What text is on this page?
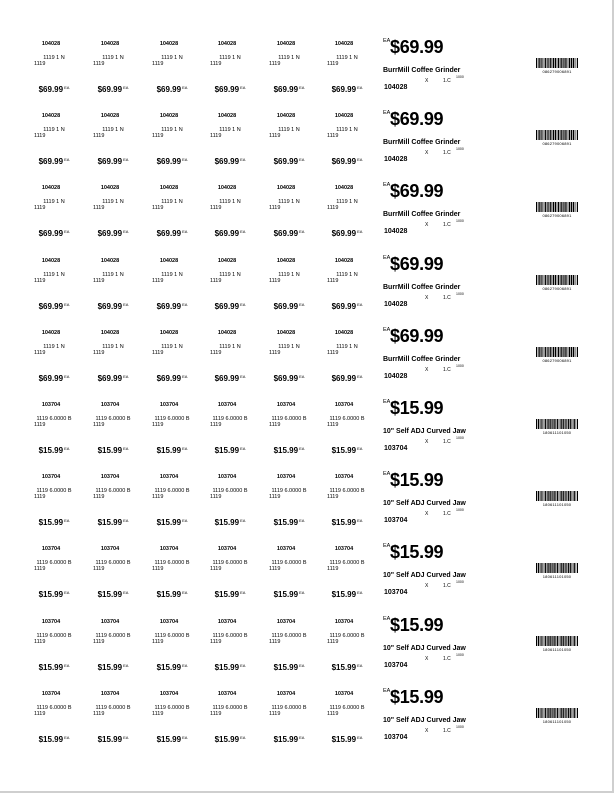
104028
1119 1 N
1119
$\$69.99^{EA}$
104028
1119 1 N
1119
$\$69.99^{EA}$
104028
1119 1 N
1119
$\$69.99^{EA}$
104028
1119 1 N
1119
$\$69.99^{EA}$
104028
1119 1 N
1119
$\$69.99^{EA}$
104028
1119 1 N
1119
$\$69.99^{EA}$
EA $69.99
BurrMill Coffee Grinder
X	1.C
1000
104028
086279006891
104028
1119 1 N
1119
$\$69.99^{EA}$
104028
1119 1 N
1119
$\$69.99^{EA}$
104028
1119 1 N
1119
$\$69.99^{EA}$
104028
1119 1 N
1119
$\$69.99^{EA}$
104028
1119 1 N
1119
$\$69.99^{EA}$
104028
1119 1 N
1119
$\$69.99^{EA}$
EA $69.99
BurrMill Coffee Grinder
X	1.C
1000
104028
086279006891
104028
1119 1 N
1119
$\$69.99^{EA}$
104028
1119 1 N
1119
$\$69.99^{EA}$
104028
1119 1 N
1119
$\$69.99^{EA}$
104028
1119 1 N
1119
$\$69.99^{EA}$
104028
1119 1 N
1119
$\$69.99^{EA}$
104028
1119 1 N
1119
$\$69.99^{EA}$
EA $69.99
BurrMill Coffee Grinder
X	1.C
1000
104028
086279006891
104028
1119 1 N
1119
$\$69.99^{EA}$
104028
1119 1 N
1119
$\$69.99^{EA}$
104028
1119 1 N
1119
$\$69.99^{EA}$
104028
1119 1 N
1119
$\$69.99^{EA}$
104028
1119 1 N
1119
$\$69.99^{EA}$
104028
1119 1 N
1119
$\$69.99^{EA}$
EA $69.99
BurrMill Coffee Grinder
X	1.C
1000
104028
086279006891
104028
1119 1 N
1119
$\$69.99^{EA}$
104028
1119 1 N
1119
$\$69.99^{EA}$
104028
1119 1 N
1119
$\$69.99^{EA}$
104028
1119 1 N
1119
$\$69.99^{EA}$
104028
1119 1 N
1119
$\$69.99^{EA}$
104028
1119 1 N
1119
$\$69.99^{EA}$
EA $69.99
BurrMill Coffee Grinder
X	1.C
1000
104028
086279006891
103704
1119 6.0000 B
1119
$\$15.99^{EA}$
103704
1119 6.0000 B
1119
$\$15.99^{EA}$
103704
1119 6.0000 B
1119
$\$15.99^{EA}$
103704
1119 6.0000 B
1119
$\$15.99^{EA}$
103704
1119 6.0000 B
1119
$\$15.99^{EA}$
103704
1119 6.0000 B
1119
$\$15.99^{EA}$
EA $15.99
10" Self ADJ Curved Jaw
X	1.C
1000
103704
180611101050
103704
1119 6.0000 B
1119
$\$15.99^{EA}$
103704
1119 6.0000 B
1119
$\$15.99^{EA}$
103704
1119 6.0000 B
1119
$\$15.99^{EA}$
103704
1119 6.0000 B
1119
$\$15.99^{EA}$
103704
1119 6.0000 B
1119
$\$15.99^{EA}$
103704
1119 6.0000 B
1119
$\$15.99^{EA}$
EA $15.99
10" Self ADJ Curved Jaw
X	1.C
1000
103704
180611101050
103704
1119 6.0000 B
1119
$\$15.99^{EA}$
103704
1119 6.0000 B
1119
$\$15.99^{EA}$
103704
1119 6.0000 B
1119
$\$15.99^{EA}$
103704
1119 6.0000 B
1119
$\$15.99^{EA}$
103704
1119 6.0000 B
1119
$\$15.99^{EA}$
103704
1119 6.0000 B
1119
$\$15.99^{EA}$
EA $15.99
10" Self ADJ Curved Jaw
X	1.C
1000
103704
180611101050
103704
1119 6.0000 B
1119
$\$15.99^{EA}$
103704
1119 6.0000 B
1119
$\$15.99^{EA}$
103704
1119 6.0000 B
1119
$\$15.99^{EA}$
103704
1119 6.0000 B
1119
$\$15.99^{EA}$
103704
1119 6.0000 B
1119
$\$15.99^{EA}$
103704
1119 6.0000 B
1119
$\$15.99^{EA}$
EA $15.99
10" Self ADJ Curved Jaw
X	1.C
1000
103704
180611101050
103704
1119 6.0000 B
1119
$\$15.99^{EA}$
103704
1119 6.0000 B
1119
$\$15.99^{EA}$
103704
1119 6.0000 B
1119
$\$15.99^{EA}$
103704
1119 6.0000 B
1119
$\$15.99^{EA}$
103704
1119 6.0000 B
1119
$\$15.99^{EA}$
103704
1119 6.0000 B
1119
$\$15.99^{EA}$
EA $15.99
10" Self ADJ Curved Jaw
X	1.C
1000
103704
180611101050
